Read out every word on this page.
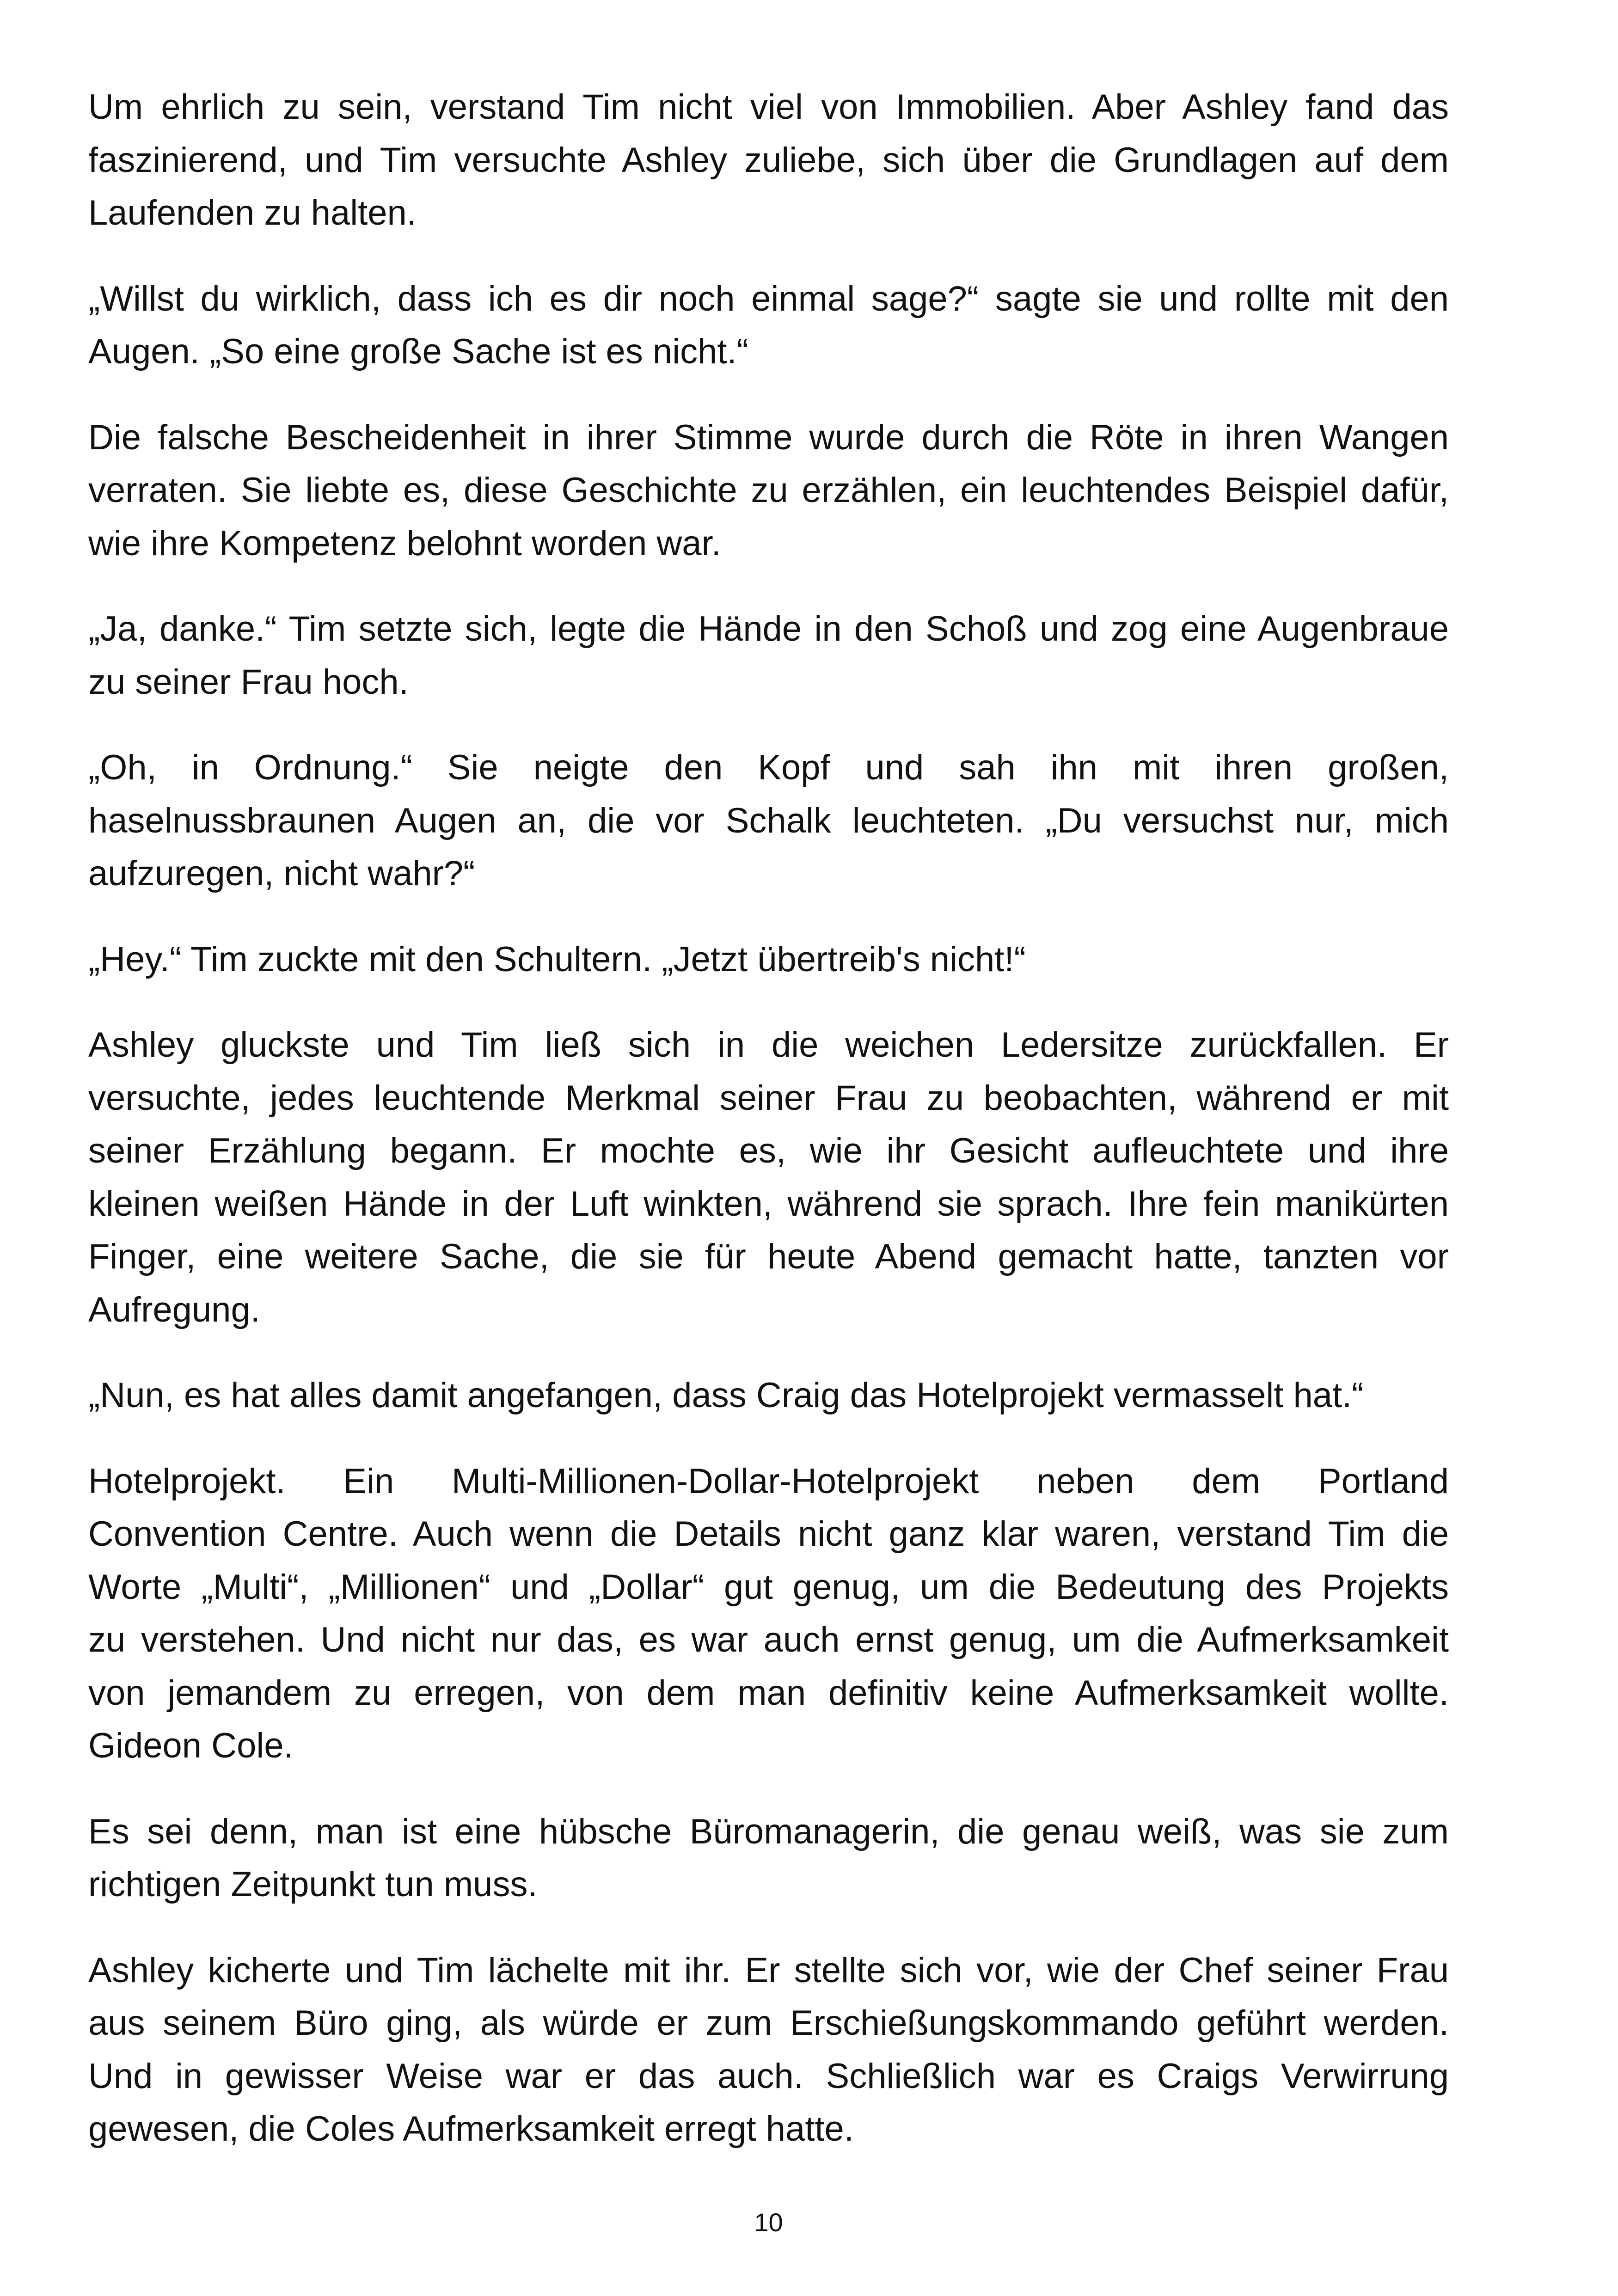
Um ehrlich zu sein, verstand Tim nicht viel von Immobilien. Aber Ashley fand das
faszinierend, und Tim versuchte Ashley zuliebe, sich über die Grundlagen auf dem
Laufenden zu halten.
„Willst du wirklich, dass ich es dir noch einmal sage?“ sagte sie und rollte mit den
Augen. „So eine große Sache ist es nicht.“
Die falsche Bescheidenheit in ihrer Stimme wurde durch die Röte in ihren Wangen
verraten. Sie liebte es, diese Geschichte zu erzählen, ein leuchtendes Beispiel dafür,
wie ihre Kompetenz belohnt worden war.
„Ja, danke.“ Tim setzte sich, legte die Hände in den Schoß und zog eine Augenbraue
zu seiner Frau hoch.
„Oh, in Ordnung.“ Sie neigte den Kopf und sah ihn mit ihren großen,
haselnussbraunen Augen an, die vor Schalk leuchteten. „Du versuchst nur, mich
aufzuregen, nicht wahr?“
„Hey.“ Tim zuckte mit den Schultern. „Jetzt übertreib's nicht!“
Ashley gluckste und Tim ließ sich in die weichen Ledersitze zurückfallen. Er
versuchte, jedes leuchtende Merkmal seiner Frau zu beobachten, während er mit
seiner Erzählung begann. Er mochte es, wie ihr Gesicht aufleuchtete und ihre
kleinen weißen Hände in der Luft winkten, während sie sprach. Ihre fein manikürten
Finger, eine weitere Sache, die sie für heute Abend gemacht hatte, tanzten vor
Aufregung.
„Nun, es hat alles damit angefangen, dass Craig das Hotelprojekt vermasselt hat.“
Hotelprojekt. Ein Multi-Millionen-Dollar-Hotelprojekt neben dem Portland
Convention Centre. Auch wenn die Details nicht ganz klar waren, verstand Tim die
Worte „Multi“, „Millionen“ und „Dollar“ gut genug, um die Bedeutung des Projekts
zu verstehen. Und nicht nur das, es war auch ernst genug, um die Aufmerksamkeit
von jemandem zu erregen, von dem man definitiv keine Aufmerksamkeit wollte.
Gideon Cole.
Es sei denn, man ist eine hübsche Büromanagerin, die genau weiß, was sie zum
richtigen Zeitpunkt tun muss.
Ashley kicherte und Tim lächelte mit ihr. Er stellte sich vor, wie der Chef seiner Frau
aus seinem Büro ging, als würde er zum Erschießungskommando geführt werden.
Und in gewisser Weise war er das auch. Schließlich war es Craigs Verwirrung
gewesen, die Coles Aufmerksamkeit erregt hatte.
10
